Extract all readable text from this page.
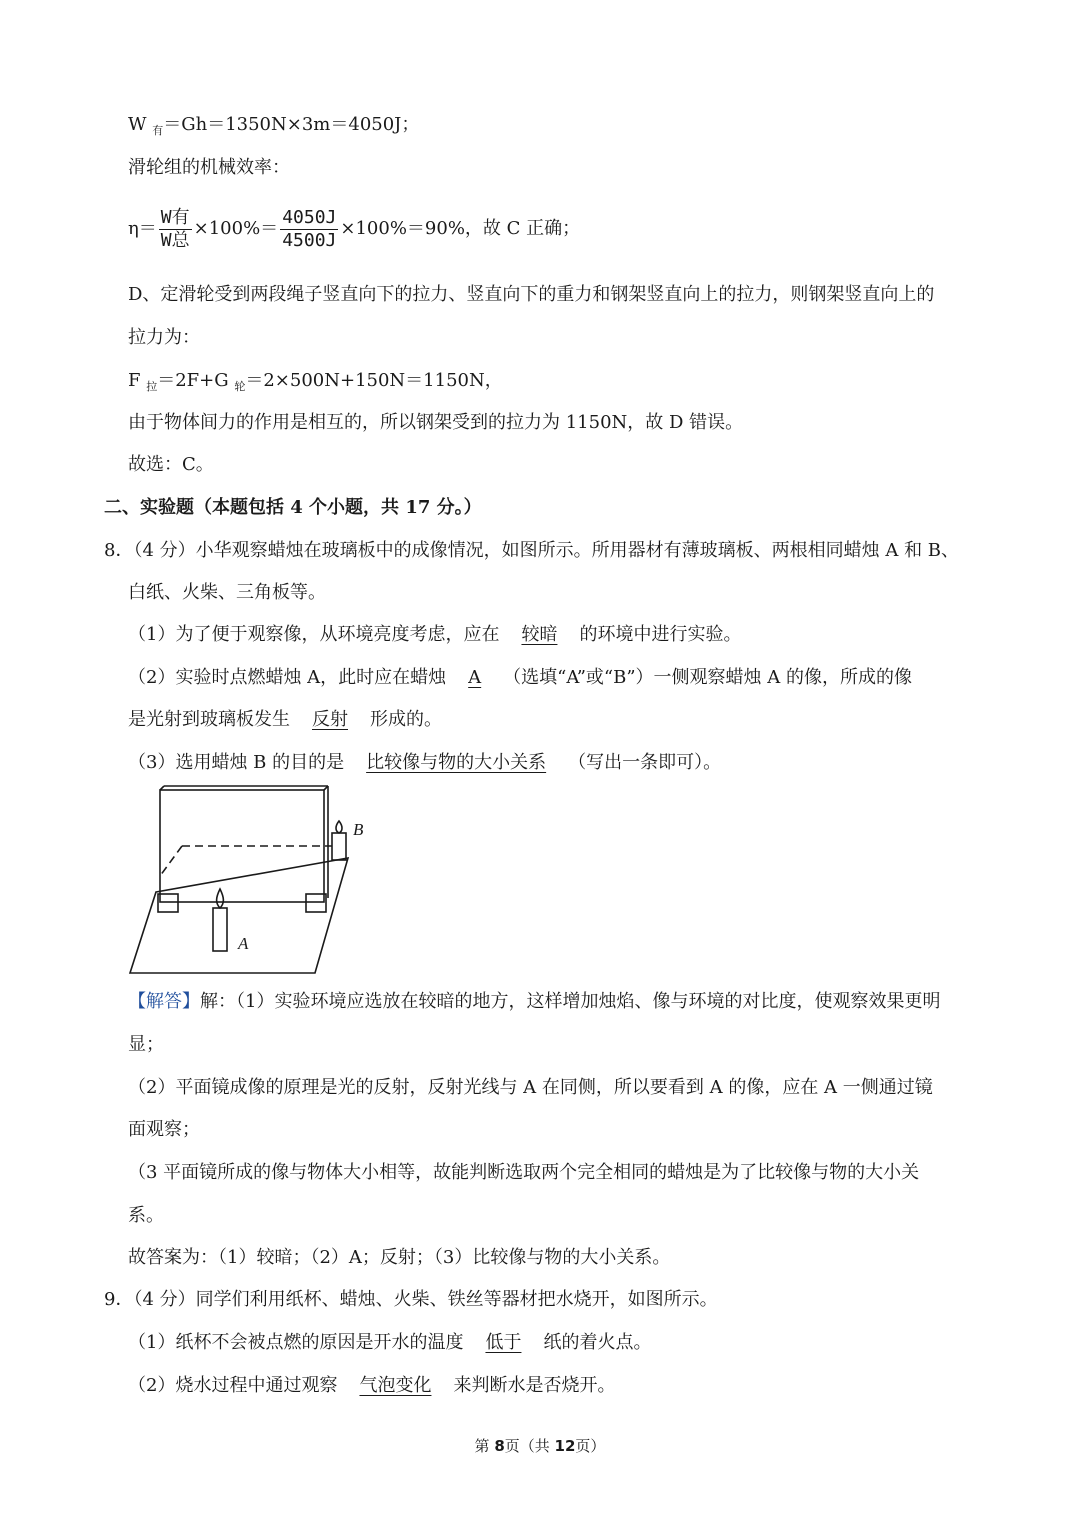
W $_有$＝Gh＝1350N×3m＝4050J；
滑轮组的机械效率：
$\eta= \frac{\text{W有}}{\text{W总}} \times 100\%= \frac{4050J}{4500J} \times 100\%=90\%$，故 C 正确；
D、定滑轮受到两段绳子竖直向下的拉力、竖直向下的重力和钢架竖直向上的拉力，则钢架竖直向上的
拉力为：
F $_拉$＝2F+G $_轮$＝2×500N+150N＝1150N，
由于物体间力的作用是相互的，所以钢架受到的拉力为 1150N，故 D 错误。
故选：C。
二、实验题（本题包括 4 个小题，共 17 分。）
8．（4 分）小华观察蜡烛在玻璃板中的成像情况，如图所示。所用器材有薄玻璃板、两根相同蜡烛 A 和 B、
白纸、火柴、三角板等。
（1）为了便于观察像，从环境亮度考虑，应在 较暗 的环境中进行实验。
（2）实验时点燃蜡烛 A，此时应在蜡烛 A （选填“A”或“B”）一侧观察蜡烛 A 的像，所成的像
是光射到玻璃板发生 反射 形成的。
（3）选用蜡烛 B 的目的是 比较像与物的大小关系 （写出一条即可）。
A
B
【解答】解：（1）实验环境应选放在较暗的地方，这样增加烛焰、像与环境的对比度，使观察效果更明
显；
（2）平面镜成像的原理是光的反射，反射光线与 A 在同侧，所以要看到 A 的像，应在 A 一侧通过镜
面观察；
（3 平面镜所成的像与物体大小相等，故能判断选取两个完全相同的蜡烛是为了比较像与物的大小关
系。
故答案为：（1）较暗；（2）A；反射；（3）比较像与物的大小关系。
9．（4 分）同学们利用纸杯、蜡烛、火柴、铁丝等器材把水烧开，如图所示。
（1）纸杯不会被点燃的原因是开水的温度 低于 纸的着火点。
（2）烧水过程中通过观察 气泡变化 来判断水是否烧开。
第 8页（共 12页）
